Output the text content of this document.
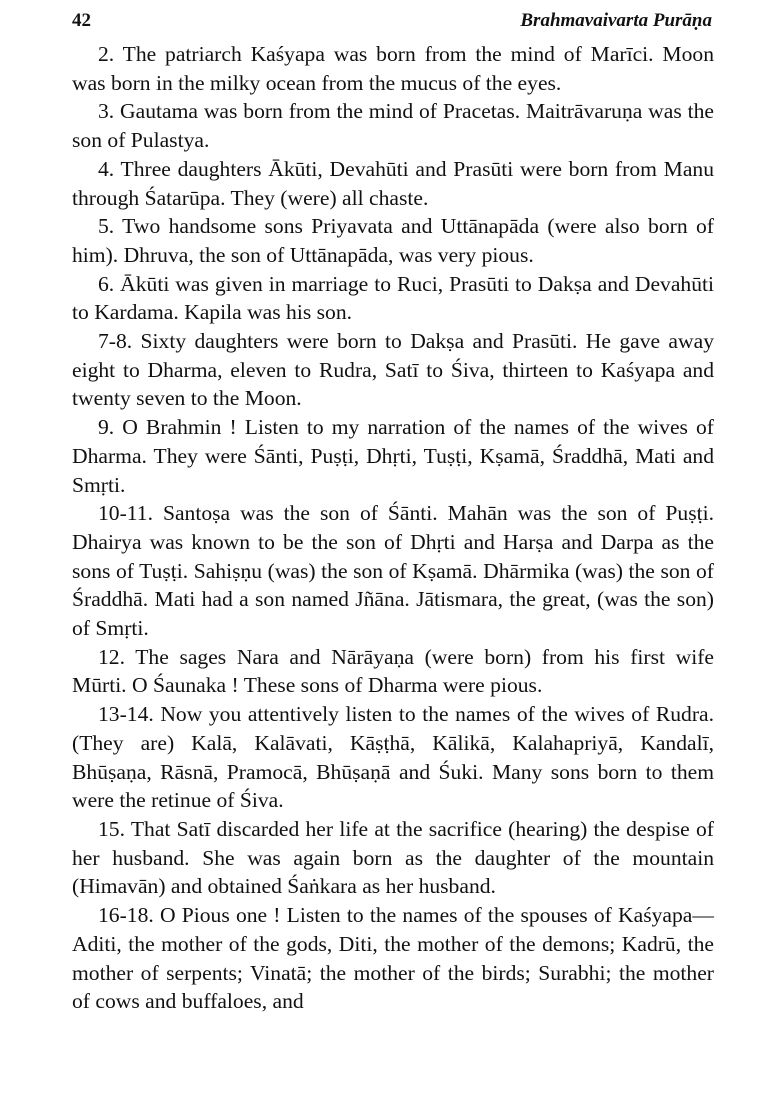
42	Brahmavaivarta Purāṇa

2. The patriarch Kaśyapa was born from the mind of Marīci. Moon was born in the milky ocean from the mucus of the eyes.

3. Gautama was born from the mind of Pracetas. Maitrāvaruṇa was the son of Pulastya.

4. Three daughters Ākūti, Devahūti and Prasūti were born from Manu through Śatarūpa. They (were) all chaste.

5. Two handsome sons Priyavata and Uttānapāda (were also born of him). Dhruva, the son of Uttānapāda, was very pious.

6. Ākūti was given in marriage to Ruci, Prasūti to Dakṣa and Devahūti to Kardama. Kapila was his son.

7-8. Sixty daughters were born to Dakṣa and Prasūti. He gave away eight to Dharma, eleven to Rudra, Satī to Śiva, thirteen to Kaśyapa and twenty seven to the Moon.

9. O Brahmin ! Listen to my narration of the names of the wives of Dharma. They were Śānti, Puṣṭi, Dhṛti, Tuṣṭi, Kṣamā, Śraddhā, Mati and Smṛti.

10-11. Santoṣa was the son of Śānti. Mahān was the son of Puṣṭi. Dhairya was known to be the son of Dhṛti and Harṣa and Darpa as the sons of Tuṣṭi. Sahiṣṇu (was) the son of Kṣamā. Dhārmika (was) the son of Śraddhā. Mati had a son named Jñāna. Jātismara, the great, (was the son) of Smṛti.

12. The sages Nara and Nārāyaṇa (were born) from his first wife Mūrti. O Śaunaka ! These sons of Dharma were pious.

13-14. Now you attentively listen to the names of the wives of Rudra. (They are) Kalā, Kalāvati, Kāṣṭhā, Kālikā, Kalahapriyā, Kandalī, Bhūṣaṇa, Rāsnā, Pramocā, Bhūṣaṇā and Śuki. Many sons born to them were the retinue of Śiva.

15. That Satī discarded her life at the sacrifice (hearing) the despise of her husband. She was again born as the daughter of the mountain (Himavān) and obtained Śaṅkara as her husband.

16-18. O Pious one ! Listen to the names of the spouses of Kaśyapa— Aditi, the mother of the gods, Diti, the mother of the demons; Kadrū, the mother of serpents; Vinatā; the mother of the birds; Surabhi; the mother of cows and buffaloes, and
